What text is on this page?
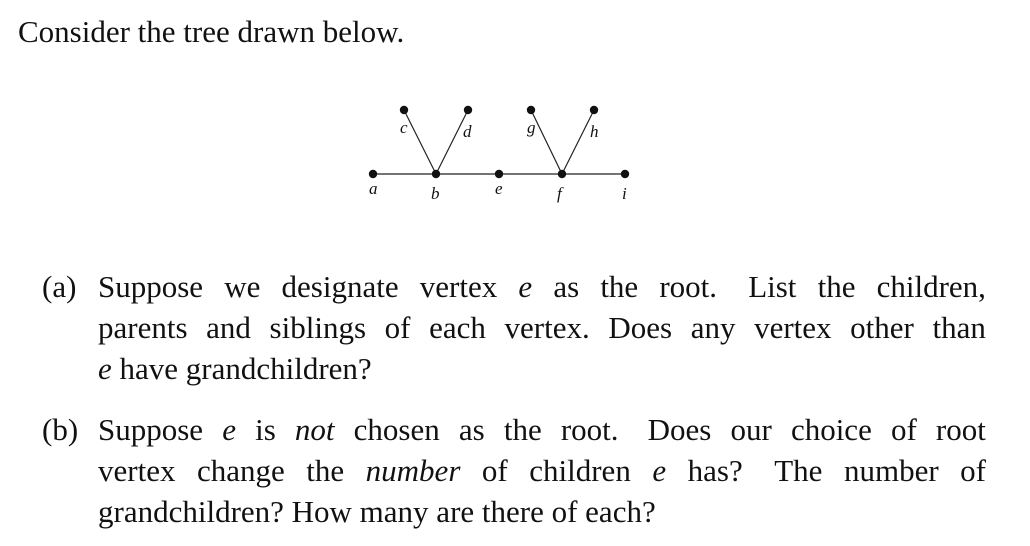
Consider the tree drawn below.
a	b
c	d
e	f
g	h
i
(a) Suppose we designate vertex e as the root. List the children,
parents and siblings of each vertex. Does any vertex other than
e have grandchildren?
(b) Suppose e is not chosen as the root. Does our choice of root
vertex change the number of children e has? The number of
grandchildren? How many are there of each?
